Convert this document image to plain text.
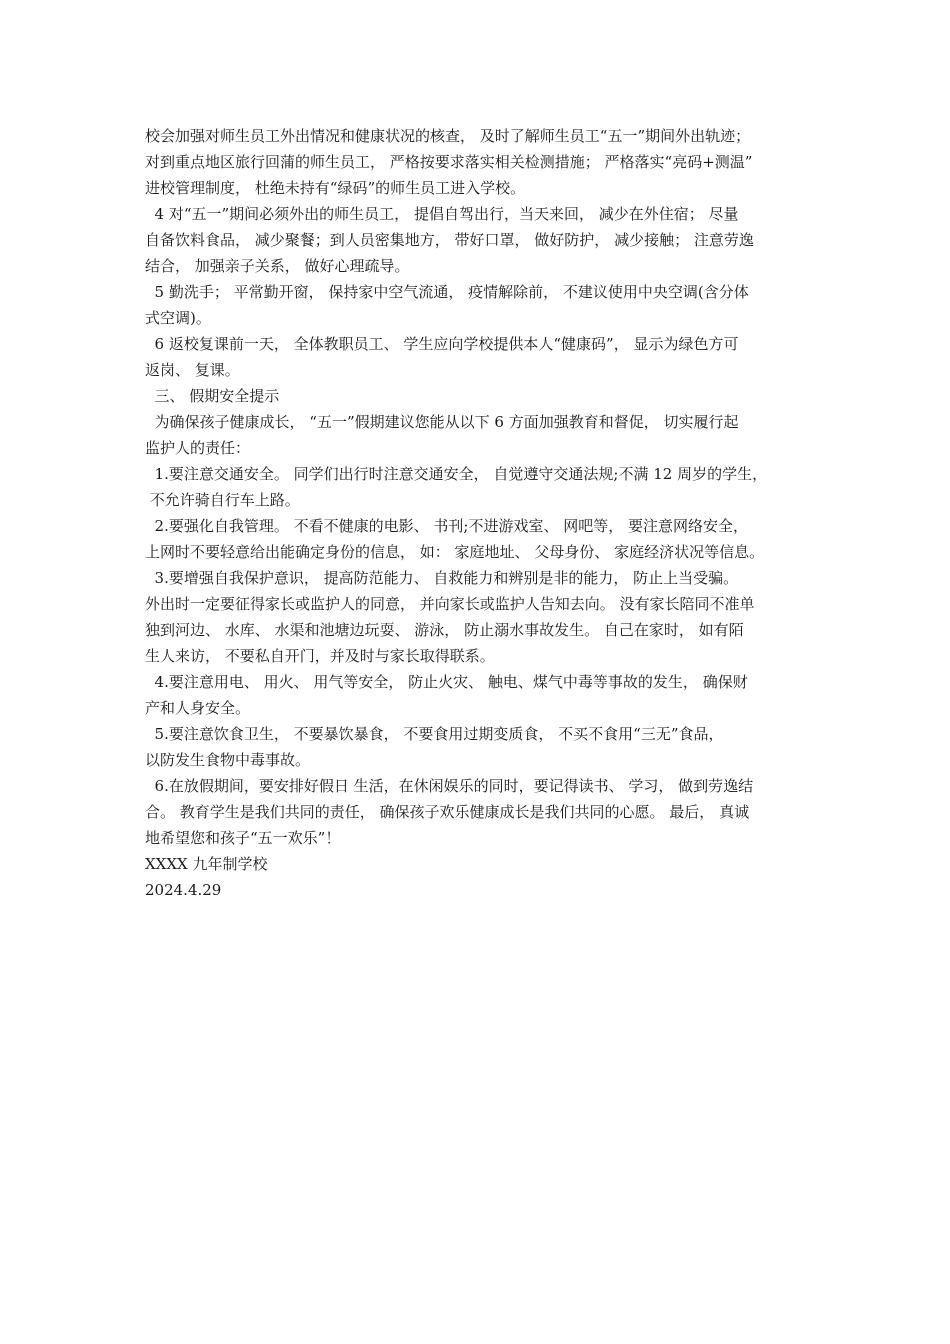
校会加强对师生员工外出情况和健康状况的核查， 及时了解师生员工“五一”期间外出轨迹；
对到重点地区旅行回蒲的师生员工， 严格按要求落实相关检测措施； 严格落实“亮码+测温”
进校管理制度， 杜绝未持有“绿码”的师生员工进入学校。
4 对“五一”期间必须外出的师生员工， 提倡自驾出行，当天来回， 减少在外住宿； 尽量
自备饮料食品， 减少聚餐；到人员密集地方， 带好口罩， 做好防护， 减少接触； 注意劳逸
结合， 加强亲子关系， 做好心理疏导。
5 勤洗手； 平常勤开窗， 保持家中空气流通， 疫情解除前， 不建议使用中央空调(含分体
式空调)。
6 返校复课前一天， 全体教职员工、 学生应向学校提供本人“健康码”， 显示为绿色方可
返岗、 复课。
三、 假期安全提示
为确保孩子健康成长， “五一”假期建议您能从以下 6 方面加强教育和督促， 切实履行起
监护人的责任：
1.要注意交通安全。 同学们出行时注意交通安全， 自觉遵守交通法规;不满 12 周岁的学生，
不允许骑自行车上路。
2.要强化自我管理。 不看不健康的电影、 书刊;不进游戏室、 网吧等， 要注意网络安全，
上网时不要轻意给出能确定身份的信息， 如： 家庭地址、 父母身份、 家庭经济状况等信息。
3.要增强自我保护意识， 提高防范能力、 自救能力和辨别是非的能力， 防止上当受骗。
外出时一定要征得家长或监护人的同意， 并向家长或监护人告知去向。 没有家长陪同不准单
独到河边、 水库、 水渠和池塘边玩耍、 游泳， 防止溺水事故发生。 自己在家时， 如有陌
生人来访， 不要私自开门，并及时与家长取得联系。
4.要注意用电、 用火、 用气等安全， 防止火灾、 触电、煤气中毒等事故的发生， 确保财
产和人身安全。
5.要注意饮食卫生， 不要暴饮暴食， 不要食用过期变质食， 不买不食用“三无”食品，
以防发生食物中毒事故。
6.在放假期间，要安排好假日 生活，在休闲娱乐的同时，要记得读书、 学习， 做到劳逸结
合。 教育学生是我们共同的责任， 确保孩子欢乐健康成长是我们共同的心愿。 最后， 真诚
地希望您和孩子“五一欢乐”！
XXXX 九年制学校
2024.4.29
